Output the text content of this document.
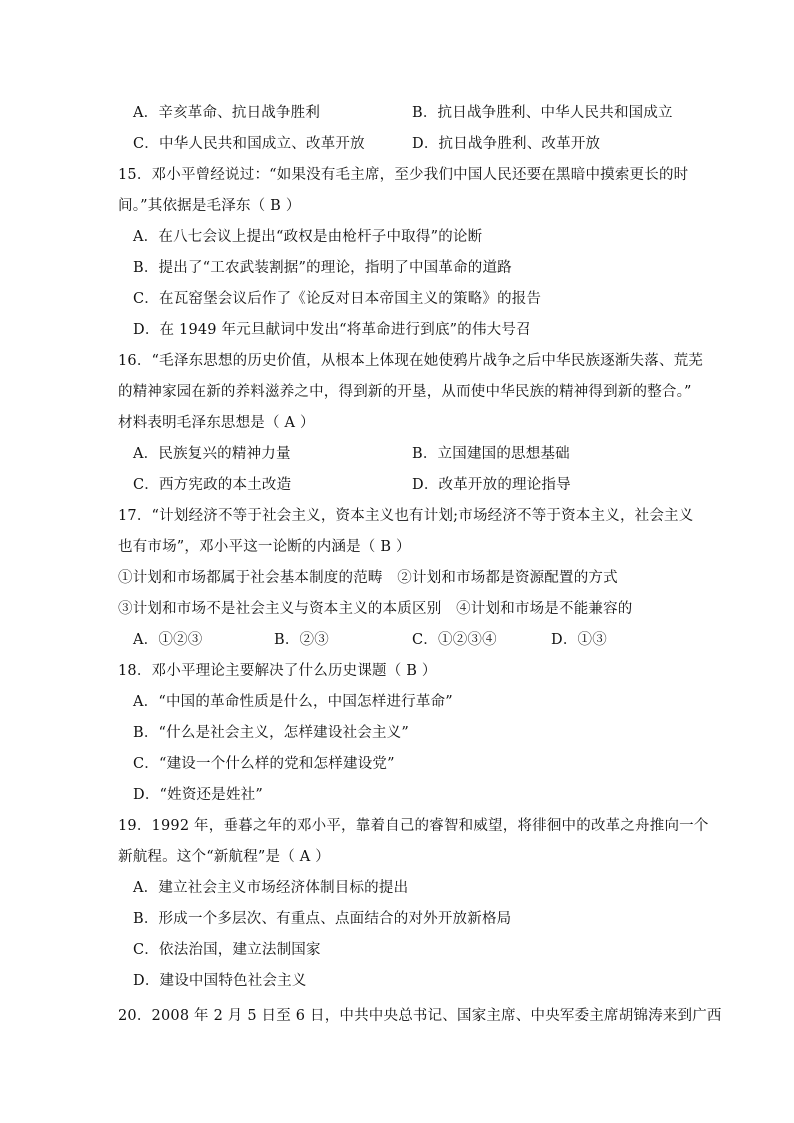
A．辛亥革命、抗日战争胜利	B．抗日战争胜利、中华人民共和国成立
C．中华人民共和国成立、改革开放	D．抗日战争胜利、改革开放
15．邓小平曾经说过：“如果没有毛主席，至少我们中国人民还要在黑暗中摸索更长的时
间。”其依据是毛泽东（ B ）
A．在八七会议上提出“政权是由枪杆子中取得”的论断
B．提出了“工农武装割据”的理论，指明了中国革命的道路
C．在瓦窑堡会议后作了《论反对日本帝国主义的策略》的报告
D．在 1949 年元旦献词中发出“将革命进行到底”的伟大号召
16．“毛泽东思想的历史价值，从根本上体现在她使鸦片战争之后中华民族逐渐失落、荒芜
的精神家园在新的养料滋养之中，得到新的开垦，从而使中华民族的精神得到新的整合。”
材料表明毛泽东思想是（ A ）
A．民族复兴的精神力量	B．立国建国的思想基础
C．西方宪政的本土改造	D．改革开放的理论指导
17．“计划经济不等于社会主义，资本主义也有计划;市场经济不等于资本主义，社会主义
也有市场”，邓小平这一论断的内涵是（ B ）
①计划和市场都属于社会基本制度的范畴　②计划和市场都是资源配置的方式
③计划和市场不是社会主义与资本主义的本质区别　④计划和市场是不能兼容的
A．①②③	B．②③	C．①②③④	D．①③
18．邓小平理论主要解决了什么历史课题（ B ）
A．“中国的革命性质是什么，中国怎样进行革命”
B．“什么是社会主义，怎样建设社会主义”
C．“建设一个什么样的党和怎样建设党”
D．“姓资还是姓社”
19．1992 年，垂暮之年的邓小平，靠着自己的睿智和威望，将徘徊中的改革之舟推向一个
新航程。这个“新航程”是（ A ）
A．建立社会主义市场经济体制目标的提出
B．形成一个多层次、有重点、点面结合的对外开放新格局
C．依法治国，建立法制国家
D．建设中国特色社会主义
20．2008 年 2 月 5 日至 6 日，中共中央总书记、国家主席、中央军委主席胡锦涛来到广西
